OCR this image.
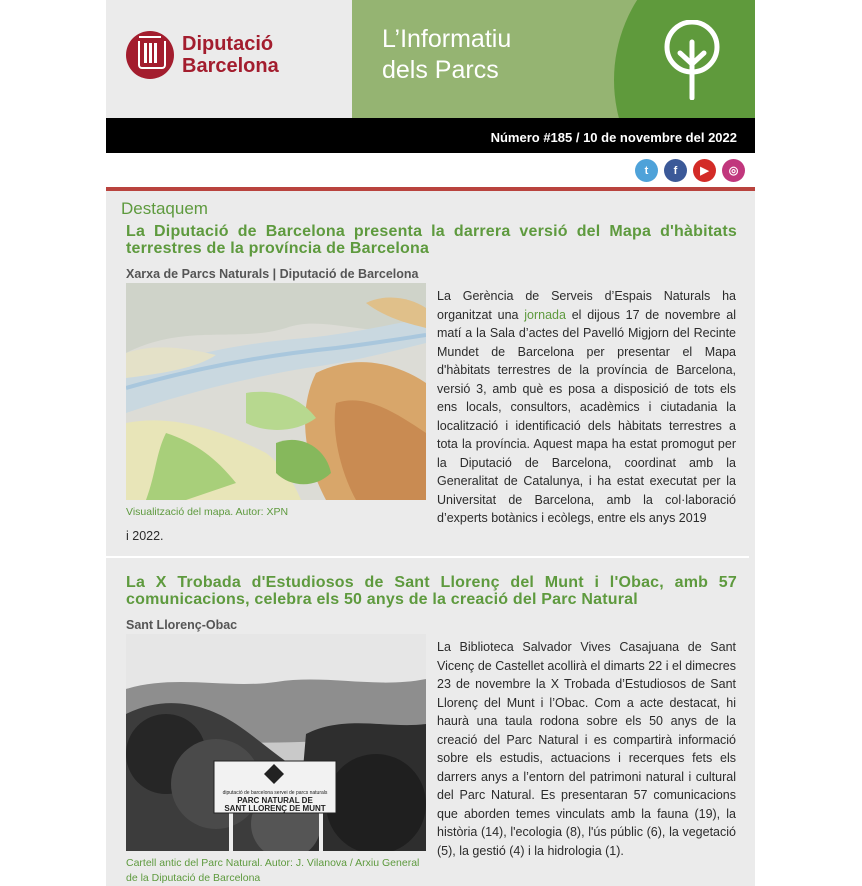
Diputació
Barcelona
L’Informatiu
dels Parcs
Número #185 / 10 de novembre del 2022
t f ▶ ◎
Destaquem
La Diputació de Barcelona presenta la darrera versió del Mapa d'hàbitats terrestres de la província de Barcelona
Xarxa de Parcs Naturals | Diputació de Barcelona
Visualització del mapa. Autor: XPN
La Gerència de Serveis d’Espais Naturals ha organitzat una jornada el dijous 17 de novembre al matí a la Sala d’actes del Pavelló Migjorn del Recinte Mundet de Barcelona per presentar el Mapa d'hàbitats terrestres de la província de Barcelona, versió 3, amb què es posa a disposició de tots els ens locals, consultors, acadèmics i ciutadania la localització i identificació dels hàbitats terrestres a tota la província. Aquest mapa ha estat promogut per la Diputació de Barcelona, coordinat amb la Generalitat de Catalunya, i ha estat executat per la Universitat de Barcelona, amb la col·laboració d’experts botànics i ecòlegs, entre els anys 2019
i 2022.
La X Trobada d'Estudiosos de Sant Llorenç del Munt i l'Obac, amb 57 comunicacions, celebra els 50 anys de la creació del Parc Natural
Sant Llorenç-Obac
diputació de barcelona servei de parcs naturals
PARC NATURAL DE
SANT LLORENÇ DE MUNT
Cartell antic del Parc Natural. Autor: J. Vilanova / Arxiu General de la Diputació de Barcelona
La Biblioteca Salvador Vives Casajuana de Sant Vicenç de Castellet acollirà el dimarts 22 i el dimecres 23 de novembre la X Trobada d’Estudiosos de Sant Llorenç del Munt i l’Obac. Com a acte destacat, hi haurà una taula rodona sobre els 50 anys de la creació del Parc Natural i es compartirà informació sobre els estudis, actuacions i recerques fets els darrers anys a l’entorn del patrimoni natural i cultural del Parc Natural. Es presentaran 57 comunicacions que aborden temes vinculats amb la fauna (19), la història (14), l'ecologia (8), l'ús públic (6), la vegetació (5), la gestió (4) i la hidrologia (1).
